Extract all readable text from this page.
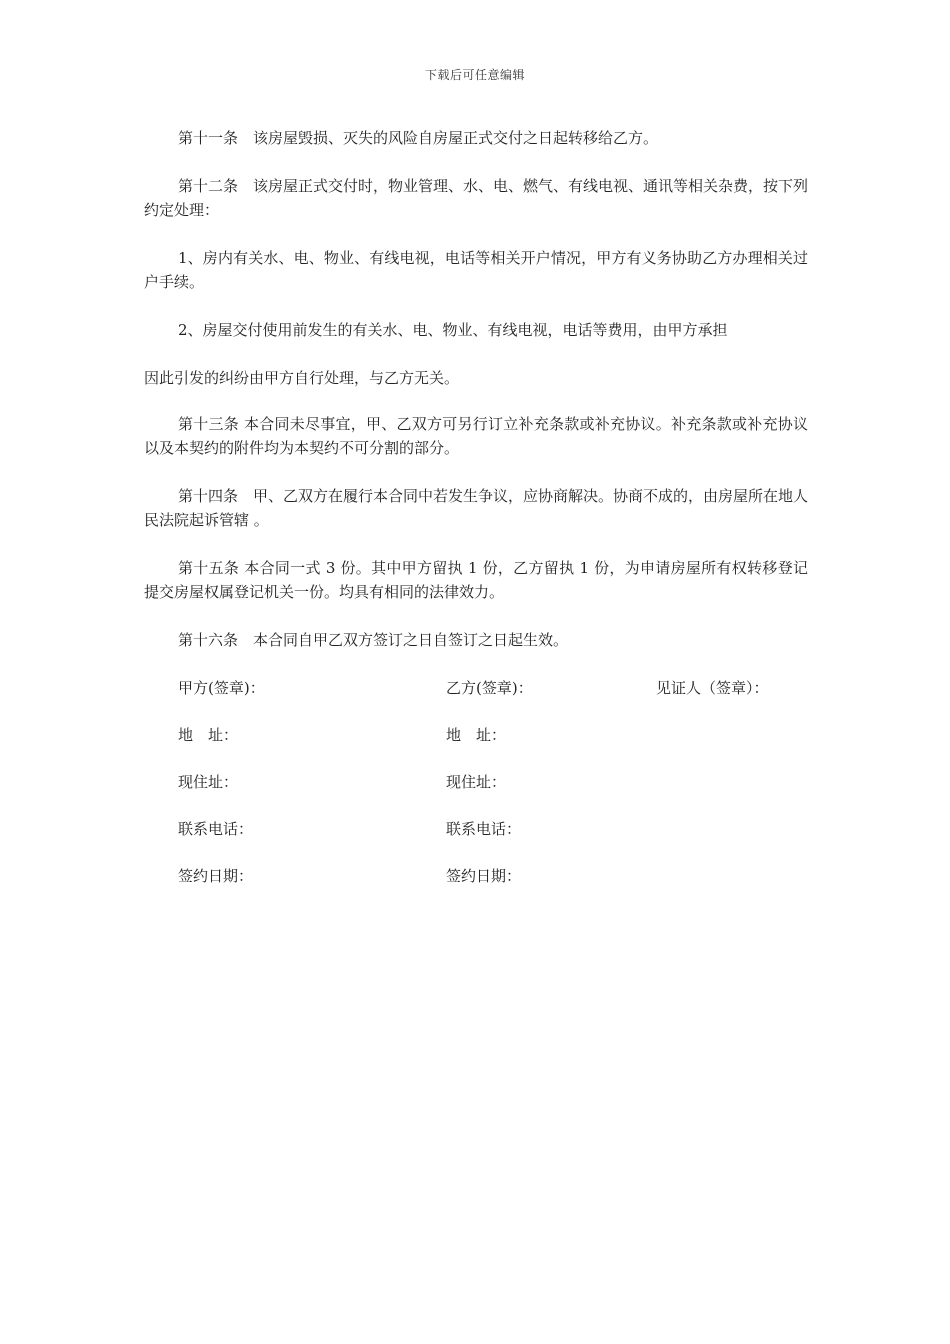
下载后可任意编辑

第十一条　该房屋毁损、灭失的风险自房屋正式交付之日起转移给乙方。

第十二条　该房屋正式交付时，物业管理、水、电、燃气、有线电视、通讯等相关杂费，按下列约定处理：

1、房内有关水、电、物业、有线电视，电话等相关开户情况，甲方有义务协助乙方办理相关过户手续。

2、房屋交付使用前发生的有关水、电、物业、有线电视，电话等费用，由甲方承担

因此引发的纠纷由甲方自行处理，与乙方无关。

第十三条 本合同未尽事宜，甲、乙双方可另行订立补充条款或补充协议。补充条款或补充协议以及本契约的附件均为本契约不可分割的部分。

第十四条　甲、乙双方在履行本合同中若发生争议，应协商解决。协商不成的，由房屋所在地人民法院起诉管辖 。

第十五条 本合同一式 3 份。其中甲方留执 1 份，乙方留执 1 份，为申请房屋所有权转移登记提交房屋权属登记机关一份。均具有相同的法律效力。

第十六条　本合同自甲乙双方签订之日自签订之日起生效。

甲方(签章)：	乙方(签章)：	见证人（签章）：
地　址：	地　址：
现住址：	现住址：
联系电话：	联系电话：
签约日期：	签约日期：
